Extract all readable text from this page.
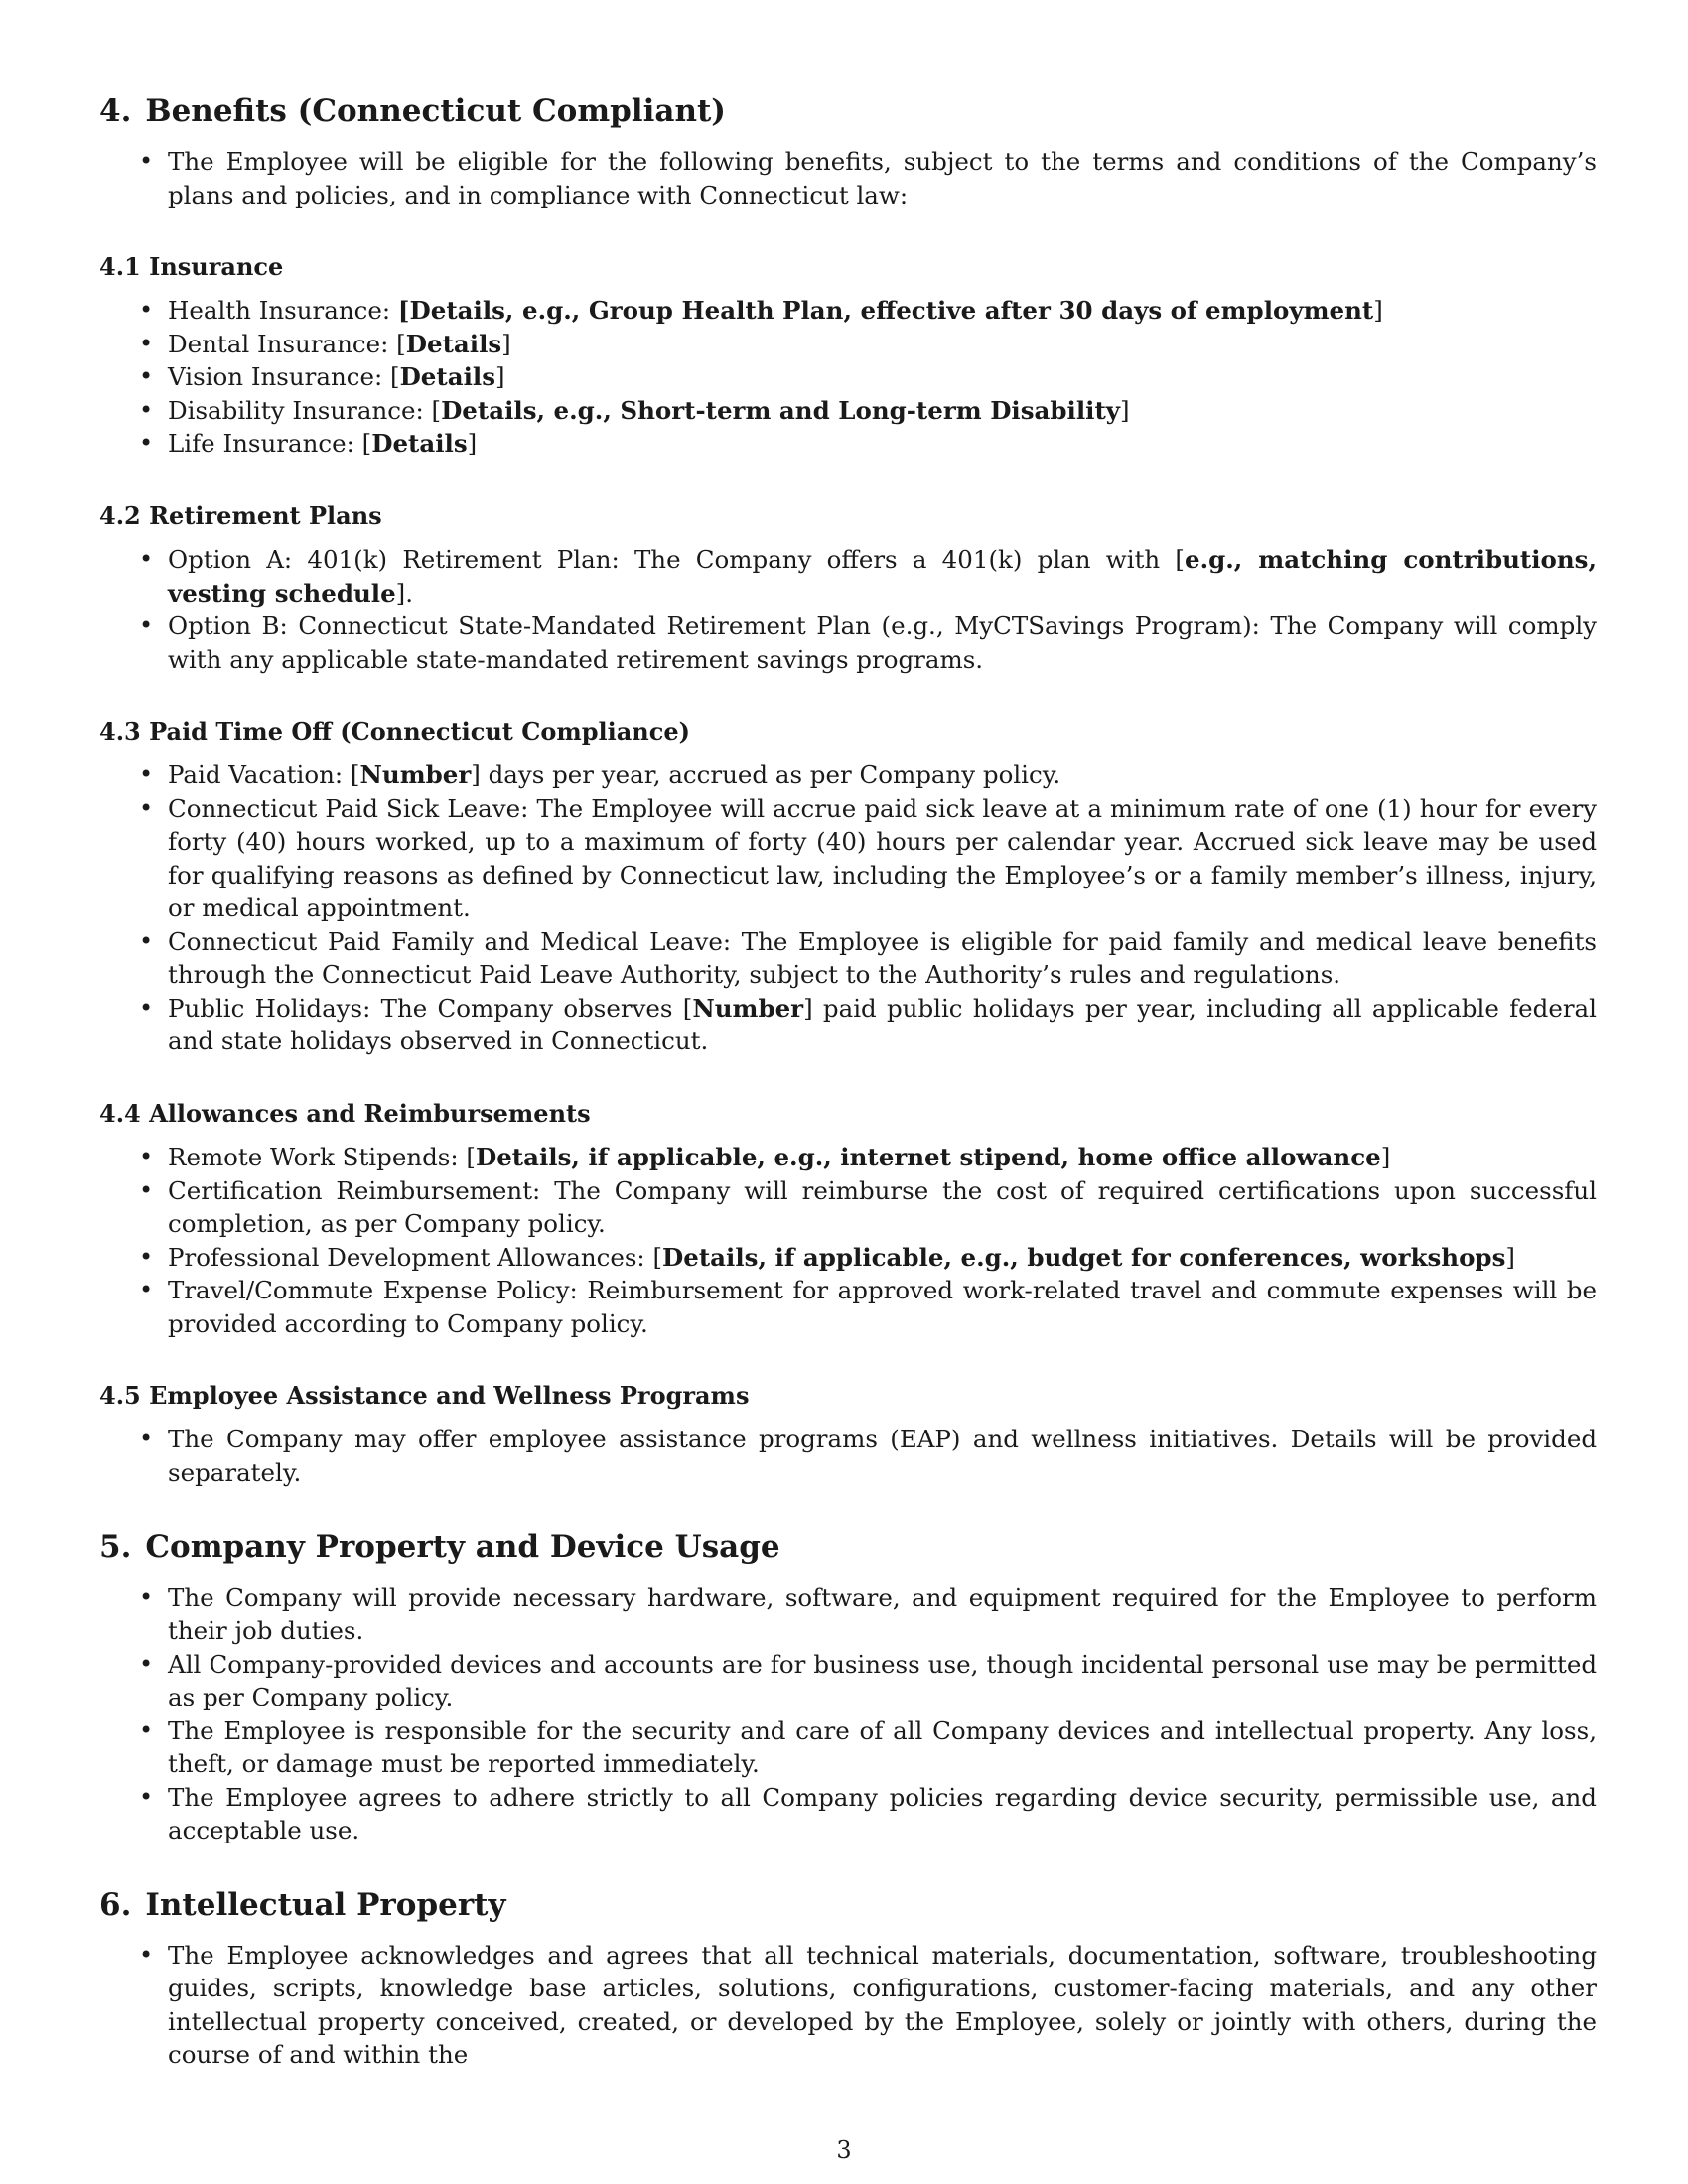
4. Benefits (Connecticut Compliant)
• The Employee will be eligible for the following benefits, subject to the terms and conditions of the Company’s plans and policies, and in compliance with Connecticut law:
4.1 Insurance
• Health Insurance: [Details, e.g., Group Health Plan, effective after 30 days of employment]
• Dental Insurance: [Details]
• Vision Insurance: [Details]
• Disability Insurance: [Details, e.g., Short-term and Long-term Disability]
• Life Insurance: [Details]
4.2 Retirement Plans
• Option A: 401(k) Retirement Plan: The Company offers a 401(k) plan with [e.g., matching contributions, vesting schedule].
• Option B: Connecticut State-Mandated Retirement Plan (e.g., MyCTSavings Program): The Company will comply with any applicable state-mandated retirement savings programs.
4.3 Paid Time Off (Connecticut Compliance)
• Paid Vacation: [Number] days per year, accrued as per Company policy.
• Connecticut Paid Sick Leave: The Employee will accrue paid sick leave at a minimum rate of one (1) hour for every forty (40) hours worked, up to a maximum of forty (40) hours per calendar year. Accrued sick leave may be used for qualifying reasons as defined by Connecticut law, including the Employee’s or a family member’s illness, injury, or medical appointment.
• Connecticut Paid Family and Medical Leave: The Employee is eligible for paid family and medical leave benefits through the Connecticut Paid Leave Authority, subject to the Authority’s rules and regulations.
• Public Holidays: The Company observes [Number] paid public holidays per year, including all applicable federal and state holidays observed in Connecticut.
4.4 Allowances and Reimbursements
• Remote Work Stipends: [Details, if applicable, e.g., internet stipend, home office allowance]
• Certification Reimbursement: The Company will reimburse the cost of required certifications upon successful completion, as per Company policy.
• Professional Development Allowances: [Details, if applicable, e.g., budget for conferences, workshops]
• Travel/Commute Expense Policy: Reimbursement for approved work-related travel and commute expenses will be provided according to Company policy.
4.5 Employee Assistance and Wellness Programs
• The Company may offer employee assistance programs (EAP) and wellness initiatives. Details will be provided separately.
5. Company Property and Device Usage
• The Company will provide necessary hardware, software, and equipment required for the Employee to perform their job duties.
• All Company-provided devices and accounts are for business use, though incidental personal use may be permitted as per Company policy.
• The Employee is responsible for the security and care of all Company devices and intellectual property. Any loss, theft, or damage must be reported immediately.
• The Employee agrees to adhere strictly to all Company policies regarding device security, permissible use, and acceptable use.
6. Intellectual Property
• The Employee acknowledges and agrees that all technical materials, documentation, software, troubleshooting guides, scripts, knowledge base articles, solutions, configurations, customer-facing materials, and any other intellectual property conceived, created, or developed by the Employee, solely or jointly with others, during the course of and within the
3
